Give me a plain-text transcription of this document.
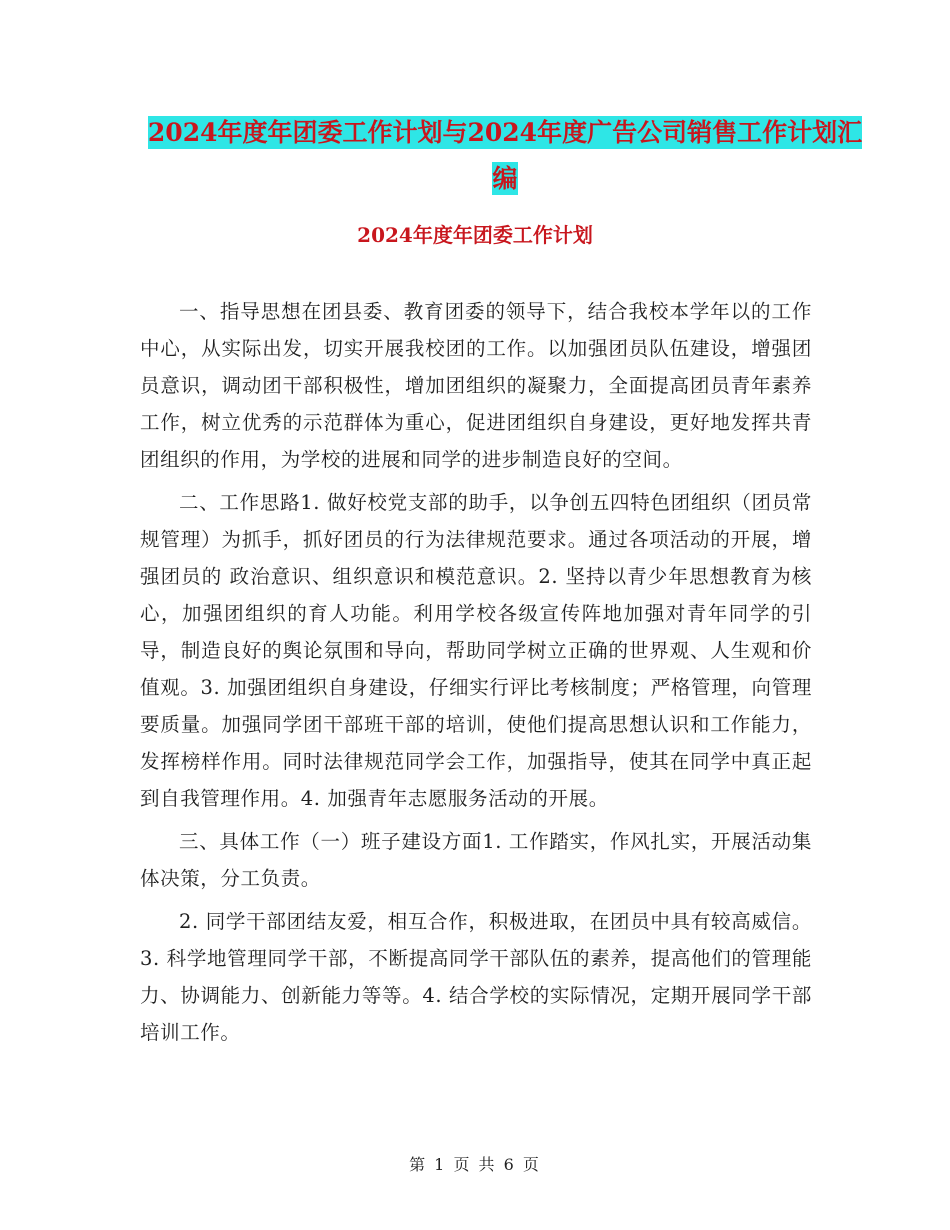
2024年度年团委工作计划与2024年度广告公司销售工作计划汇编
2024年度年团委工作计划

一、指导思想在团县委、教育团委的领导下，结合我校本学年以的工作中心，从实际出发，切实开展我校团的工作。以加强团员队伍建设，增强团员意识，调动团干部积极性，增加团组织的凝聚力，全面提高团员青年素养工作，树立优秀的示范群体为重心，促进团组织自身建设，更好地发挥共青团组织的作用，为学校的进展和同学的进步制造良好的空间。

二、工作思路1. 做好校党支部的助手，以争创五四特色团组织（团员常规管理）为抓手，抓好团员的行为法律规范要求。通过各项活动的开展，增强团员的 政治意识、组织意识和模范意识。2. 坚持以青少年思想教育为核心，加强团组织的育人功能。利用学校各级宣传阵地加强对青年同学的引导，制造良好的舆论氛围和导向，帮助同学树立正确的世界观、人生观和价值观。3. 加强团组织自身建设，仔细实行评比考核制度；严格管理，向管理要质量。加强同学团干部班干部的培训，使他们提高思想认识和工作能力，发挥榜样作用。同时法律规范同学会工作，加强指导，使其在同学中真正起到自我管理作用。4. 加强青年志愿服务活动的开展。

三、具体工作（一）班子建设方面1. 工作踏实，作风扎实，开展活动集体决策，分工负责。

2. 同学干部团结友爱，相互合作，积极进取，在团员中具有较高威信。3. 科学地管理同学干部，不断提高同学干部队伍的素养，提高他们的管理能力、协调能力、创新能力等等。4. 结合学校的实际情况，定期开展同学干部培训工作。

第 1 页 共 6 页
